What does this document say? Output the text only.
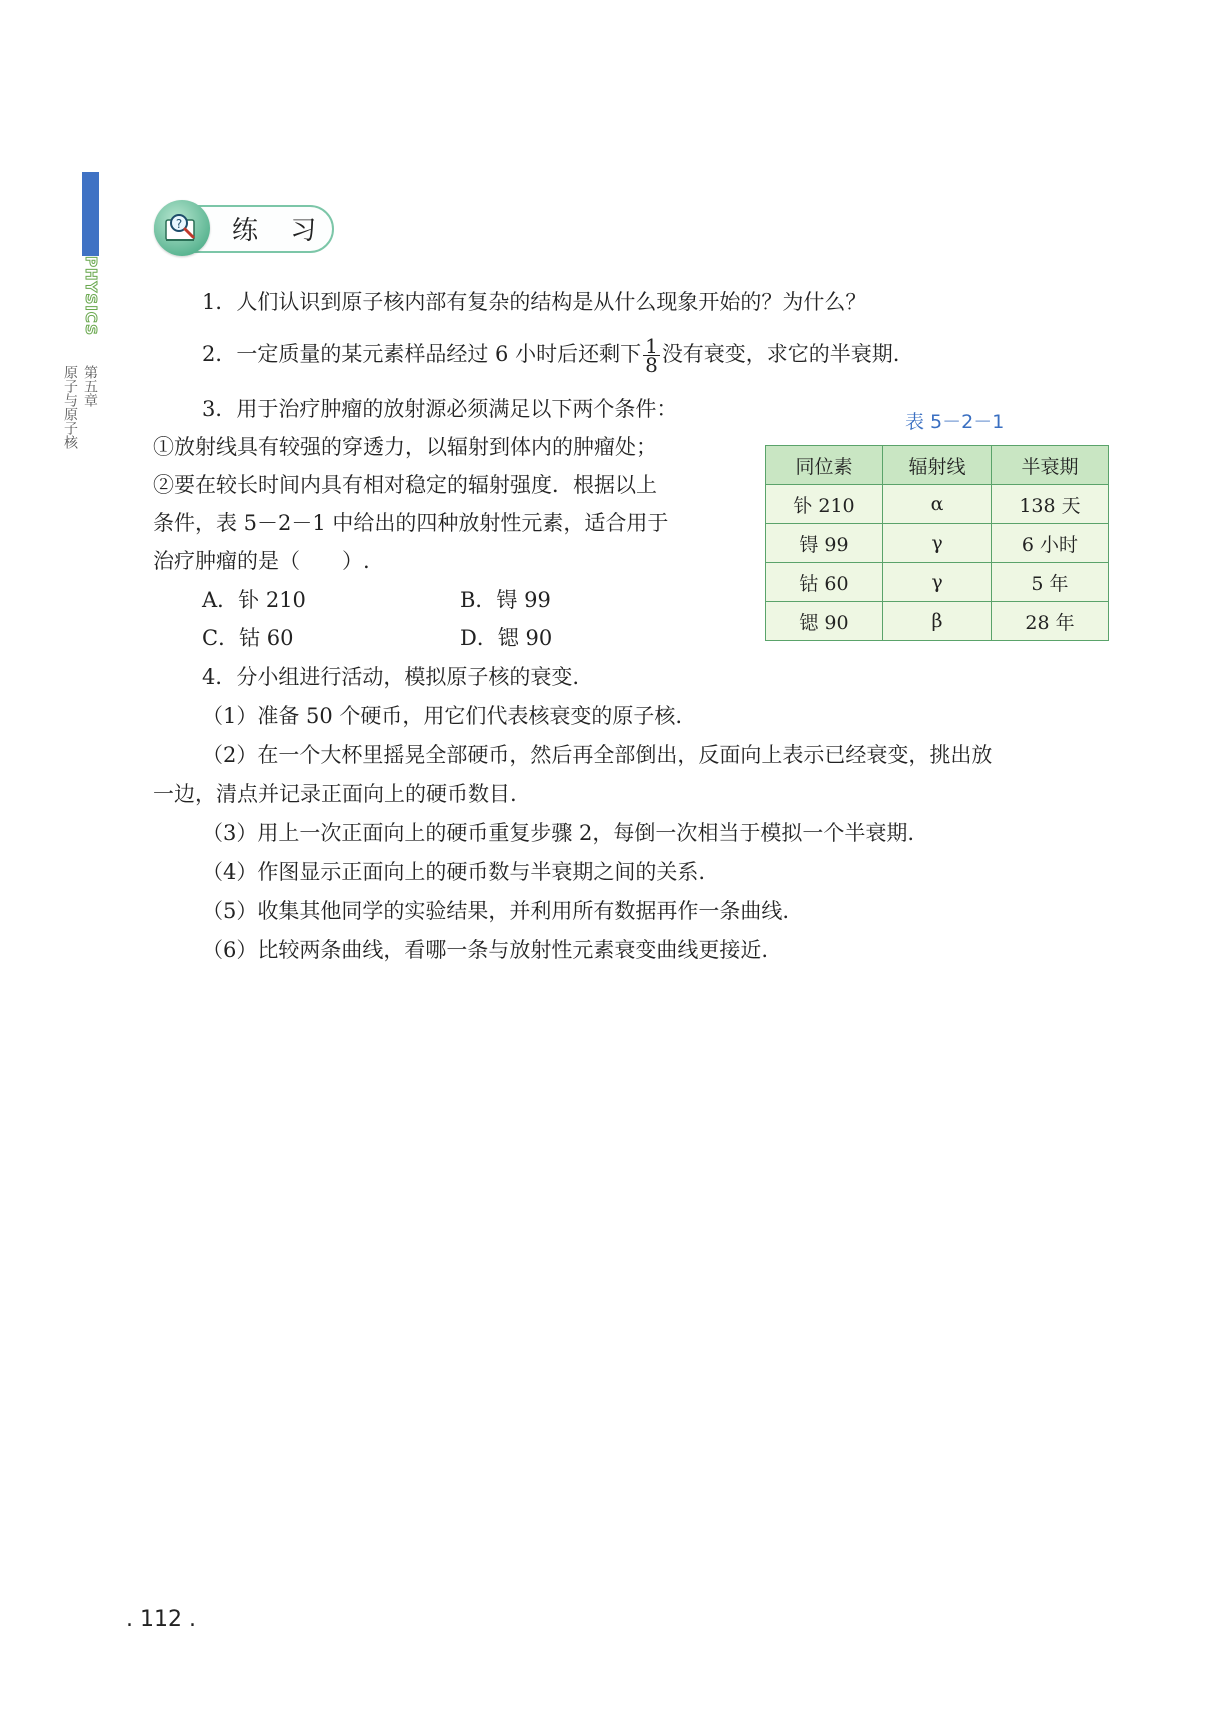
PHYSICS
第五章
原子与原子核
? 练 习
1．人们认识到原子核内部有复杂的结构是从什么现象开始的？为什么？
2．一定质量的某元素样品经过 6 小时后还剩下 $\frac{1}{8}$ 没有衰变，求它的半衰期.
3．用于治疗肿瘤的放射源必须满足以下两个条件：
①放射线具有较强的穿透力，以辐射到体内的肿瘤处；
②要在较长时间内具有相对稳定的辐射强度．根据以上
条件，表 5－2－1 中给出的四种放射性元素，适合用于
治疗肿瘤的是（　　）.
A．钋 210	B．锝 99
C．钴 60	D．锶 90
表 5－2－1
同位素	辐射线	半衰期
钋 210	α	138 天
锝 99	γ	6 小时
钴 60	γ	5 年
锶 90	β	28 年
4．分小组进行活动，模拟原子核的衰变.
（1）准备 50 个硬币，用它们代表核衰变的原子核.
（2）在一个大杯里摇晃全部硬币，然后再全部倒出，反面向上表示已经衰变，挑出放
一边，清点并记录正面向上的硬币数目.
（3）用上一次正面向上的硬币重复步骤 2，每倒一次相当于模拟一个半衰期.
（4）作图显示正面向上的硬币数与半衰期之间的关系.
（5）收集其他同学的实验结果，并利用所有数据再作一条曲线.
（6）比较两条曲线，看哪一条与放射性元素衰变曲线更接近.
. 112 .
